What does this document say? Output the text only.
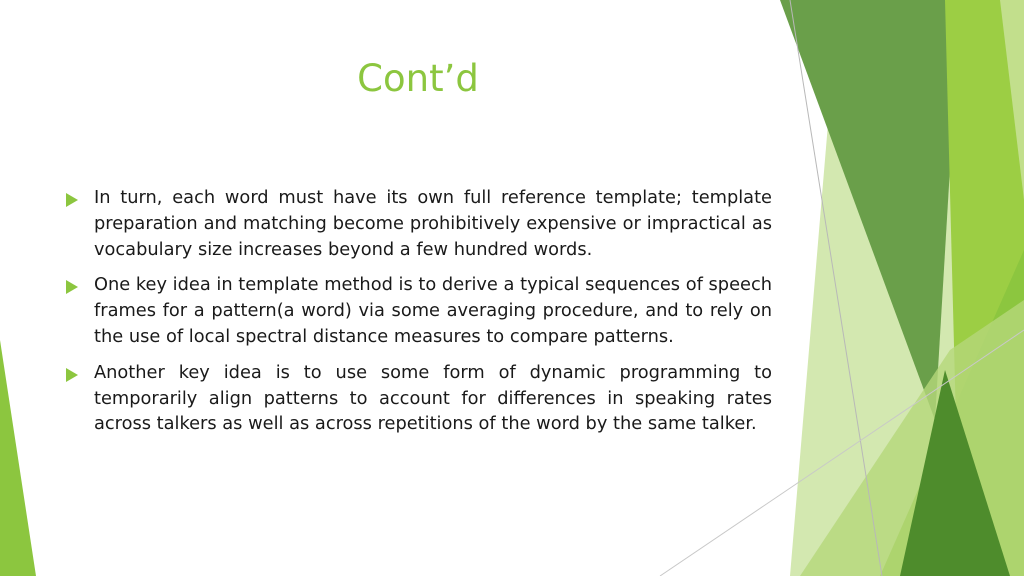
Cont’d
In turn, each word must have its own full reference template; template preparation and matching become prohibitively expensive or impractical as vocabulary size increases beyond a few hundred words.
One key idea in template method is to derive a typical sequences of speech frames for a pattern(a word) via some averaging procedure, and to rely on the use of local spectral distance measures to compare patterns.
Another key idea is to use some form of dynamic programming to temporarily align patterns to account for differences in speaking rates across talkers as well as across repetitions of the word by the same talker.
